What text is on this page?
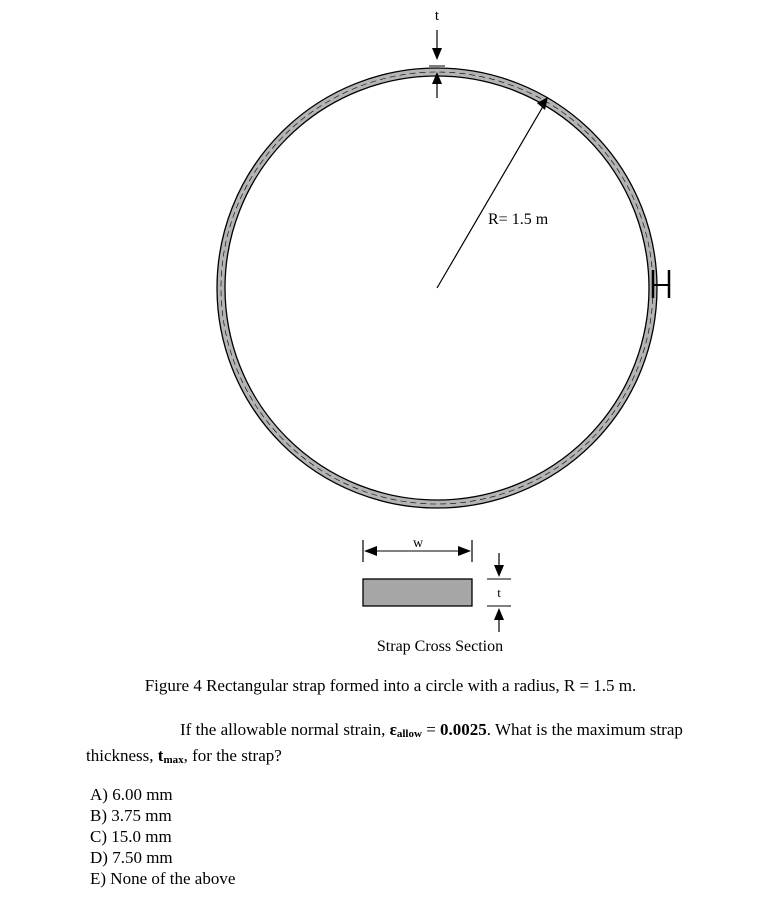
t
R= 1.5 m
w
t
Strap Cross Section

Figure 4 Rectangular strap formed into a circle with a radius, R = 1.5 m.

If the allowable normal strain, εallow = 0.0025. What is the maximum strap thickness, tmax, for the strap?

A) 6.00 mm
B) 3.75 mm
C) 15.0 mm
D) 7.50 mm
E) None of the above
